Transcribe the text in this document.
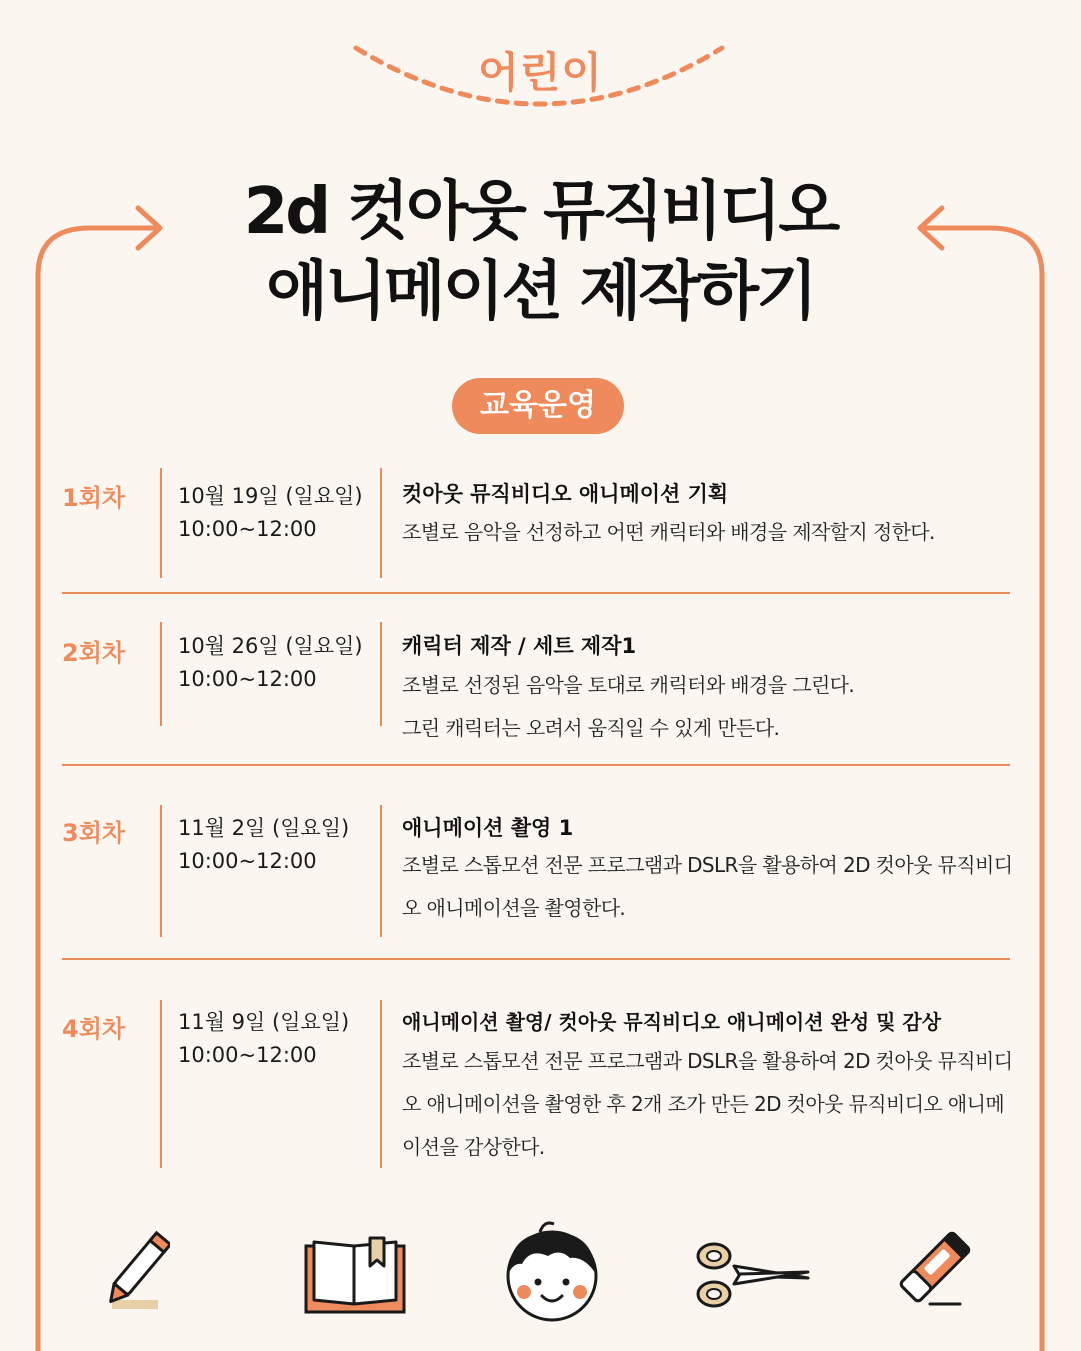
어린이
2d 컷아웃 뮤직비디오
애니메이션 제작하기
교육운영
1회차	10월 19일 (일요일)
10:00~12:00
컷아웃 뮤직비디오 애니메이션 기획
조별로 음악을 선정하고 어떤 캐릭터와 배경을 제작할지 정한다.
2회차	10월 26일 (일요일)
10:00~12:00
캐릭터 제작 / 세트 제작1
조별로 선정된 음악을 토대로 캐릭터와 배경을 그린다. 그린 캐릭터는 오려서 움직일 수 있게 만든다.
3회차	11월 2일 (일요일)
10:00~12:00
애니메이션 촬영 1
조별로 스톱모션 전문 프로그램과 DSLR을 활용하여 2D 컷아웃 뮤직비디오 애니메이션을 촬영한다.
4회차	11월 9일 (일요일)
10:00~12:00
애니메이션 촬영/ 컷아웃 뮤직비디오 애니메이션 완성 및 감상
조별로 스톱모션 전문 프로그램과 DSLR을 활용하여 2D 컷아웃 뮤직비디오 애니메이션을 촬영한 후 2개 조가 만든 2D 컷아웃 뮤직비디오 애니메이션을 감상한다.
